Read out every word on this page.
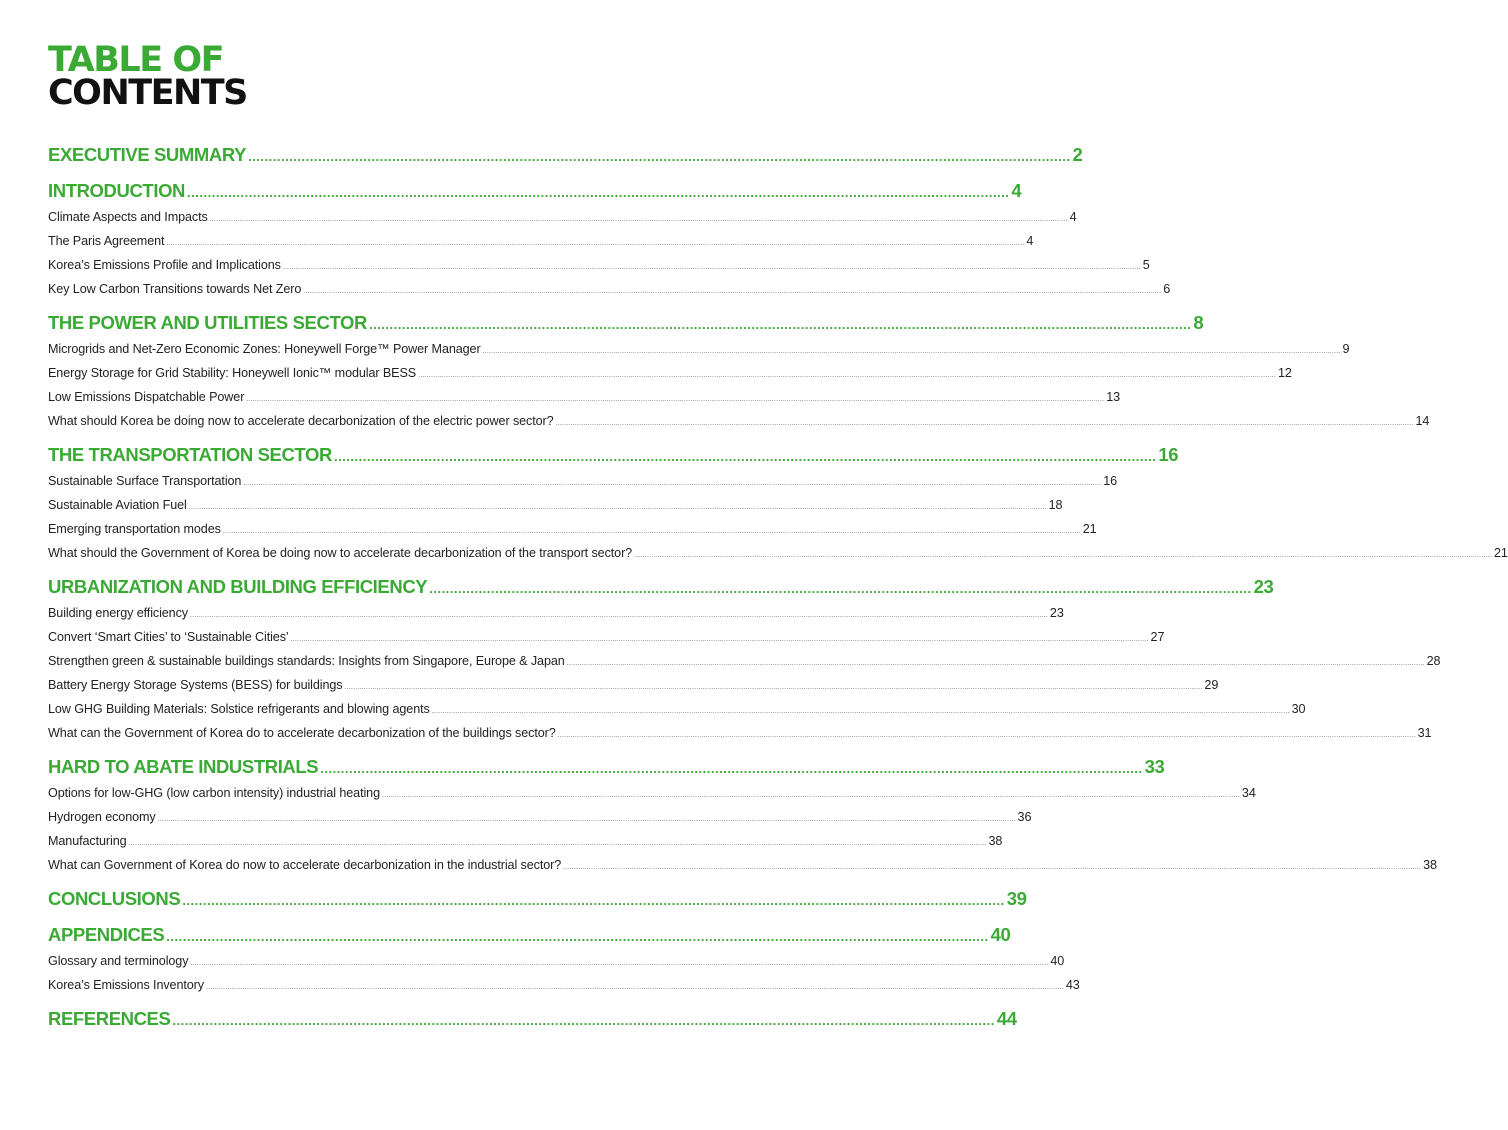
TABLE OF
CONTENTS
EXECUTIVE SUMMARY ........................................................................................................................................................................................................ 2
INTRODUCTION ........................................................................................................................................................................................................ 4
Climate Aspects and Impacts ................................................................................................................................................................................................................................................................................................................................................................................................................ 4
The Paris Agreement ................................................................................................................................................................................................................................................................................................................................................................................................................ 4
Korea’s Emissions Profile and Implications ................................................................................................................................................................................................................................................................................................................................................................................................................ 5
Key Low Carbon Transitions towards Net Zero ................................................................................................................................................................................................................................................................................................................................................................................................................ 6
THE POWER AND UTILITIES SECTOR ........................................................................................................................................................................................................ 8
Microgrids and Net-Zero Economic Zones: Honeywell Forge™ Power Manager ................................................................................................................................................................................................................................................................................................................................................................................................................ 9
Energy Storage for Grid Stability: Honeywell Ionic™ modular BESS ................................................................................................................................................................................................................................................................................................................................................................................................................ 12
Low Emissions Dispatchable Power ................................................................................................................................................................................................................................................................................................................................................................................................................ 13
What should Korea be doing now to accelerate decarbonization of the electric power sector? ................................................................................................................................................................................................................................................................................................................................................................................................................ 14
THE TRANSPORTATION SECTOR ........................................................................................................................................................................................................ 16
Sustainable Surface Transportation ................................................................................................................................................................................................................................................................................................................................................................................................................ 16
Sustainable Aviation Fuel ................................................................................................................................................................................................................................................................................................................................................................................................................ 18
Emerging transportation modes ................................................................................................................................................................................................................................................................................................................................................................................................................ 21
What should the Government of Korea be doing now to accelerate decarbonization of the transport sector? ................................................................................................................................................................................................................................................................................................................................................................................................................ 21
URBANIZATION AND BUILDING EFFICIENCY ........................................................................................................................................................................................................ 23
Building energy efficiency ................................................................................................................................................................................................................................................................................................................................................................................................................ 23
Convert ‘Smart Cities’ to ‘Sustainable Cities’ ................................................................................................................................................................................................................................................................................................................................................................................................................ 27
Strengthen green & sustainable buildings standards: Insights from Singapore, Europe & Japan ................................................................................................................................................................................................................................................................................................................................................................................................................ 28
Battery Energy Storage Systems (BESS) for buildings ................................................................................................................................................................................................................................................................................................................................................................................................................ 29
Low GHG Building Materials: Solstice refrigerants and blowing agents ................................................................................................................................................................................................................................................................................................................................................................................................................ 30
What can the Government of Korea do to accelerate decarbonization of the buildings sector? ................................................................................................................................................................................................................................................................................................................................................................................................................ 31
HARD TO ABATE INDUSTRIALS ........................................................................................................................................................................................................ 33
Options for low-GHG (low carbon intensity) industrial heating ................................................................................................................................................................................................................................................................................................................................................................................................................ 34
Hydrogen economy ................................................................................................................................................................................................................................................................................................................................................................................................................ 36
Manufacturing ................................................................................................................................................................................................................................................................................................................................................................................................................ 38
What can Government of Korea do now to accelerate decarbonization in the industrial sector? ................................................................................................................................................................................................................................................................................................................................................................................................................ 38
CONCLUSIONS ........................................................................................................................................................................................................ 39
APPENDICES ........................................................................................................................................................................................................ 40
Glossary and terminology ................................................................................................................................................................................................................................................................................................................................................................................................................ 40
Korea’s Emissions Inventory ................................................................................................................................................................................................................................................................................................................................................................................................................ 43
REFERENCES ........................................................................................................................................................................................................ 44
